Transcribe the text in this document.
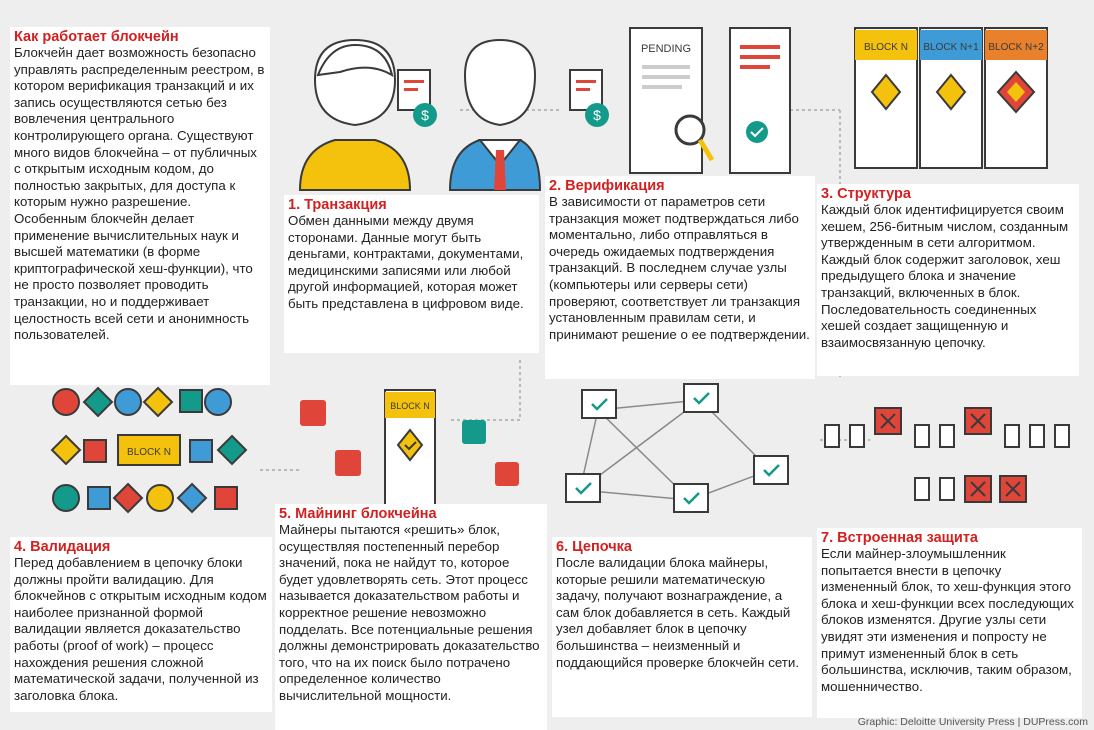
$	$
PENDING	BLOCK N BLOCK N+1 BLOCK N+2
BLOCK N
BLOCK N
Как работает блокчейн

Блокчейн дает возможность безопасно управлять распределенным реестром, в котором верификация транзакций и их запись осуществляются сетью без вовлечения центрального контролирующего органа. Существуют много видов блокчейна – от публичных с открытым исходным кодом, до полностью закрытых, для доступа к которым нужно разрешение. Особенным блокчейн делает применение вычислительных наук и высшей математики (в форме криптографической хеш-функции), что не просто позволяет проводить транзакции, но и поддерживает целостность всей сети и анонимность пользователей.

1. Транзакция

Обмен данными между двумя сторонами. Данные могут быть деньгами, контрактами, документами, медицинскими записями или любой другой информацией, которая может быть представлена в цифровом виде.

2. Верификация

В зависимости от параметров сети транзакция может подтверждаться либо моментально, либо отправляться в очередь ожидаемых подтверждения транзакций. В последнем случае узлы (компьютеры или серверы сети) проверяют, соответствует ли транзакция установленным правилам сети, и принимают решение о ее подтверждении.

3. Структура

Каждый блок идентифицируется своим хешем, 256-битным числом, созданным утвержденным в сети алгоритмом. Каждый блок содержит заголовок, хеш предыдущего блока и значение транзакций, включенных в блок. Последовательность соединенных хешей создает защищенную и взаимосвязанную цепочку.

4. Валидация

Перед добавлением в цепочку блоки должны пройти валидацию. Для блокчейнов с открытым исходным кодом наиболее признанной формой валидации является доказательство работы (proof of work) – процесс нахождения решения сложной математической задачи, полученной из заголовка блока.

5. Майнинг блокчейна

Майнеры пытаются «решить» блок, осуществляя постепенный перебор значений, пока не найдут то, которое будет удовлетворять сеть. Этот процесс называется доказательством работы и корректное решение невозможно подделать. Все потенциальные решения должны демонстрировать доказательство того, что на их поиск было потрачено определенное количество вычислительной мощности.

6. Цепочка

После валидации блока майнеры, которые решили математическую задачу, получают вознаграждение, а сам блок добавляется в сеть. Каждый узел добавляет блок в цепочку большинства – неизменный и поддающийся проверке блокчейн сети.

7. Встроенная защита

Если майнер-злоумышленник попытается внести в цепочку измененный блок, то хеш-функция этого блока и хеш-функции всех последующих блоков изменятся. Другие узлы сети увидят эти изменения и попросту не примут измененный блок в сеть большинства, исключив, таким образом, мошенничество.

Graphic: Deloitte University Press | DUPress.com
